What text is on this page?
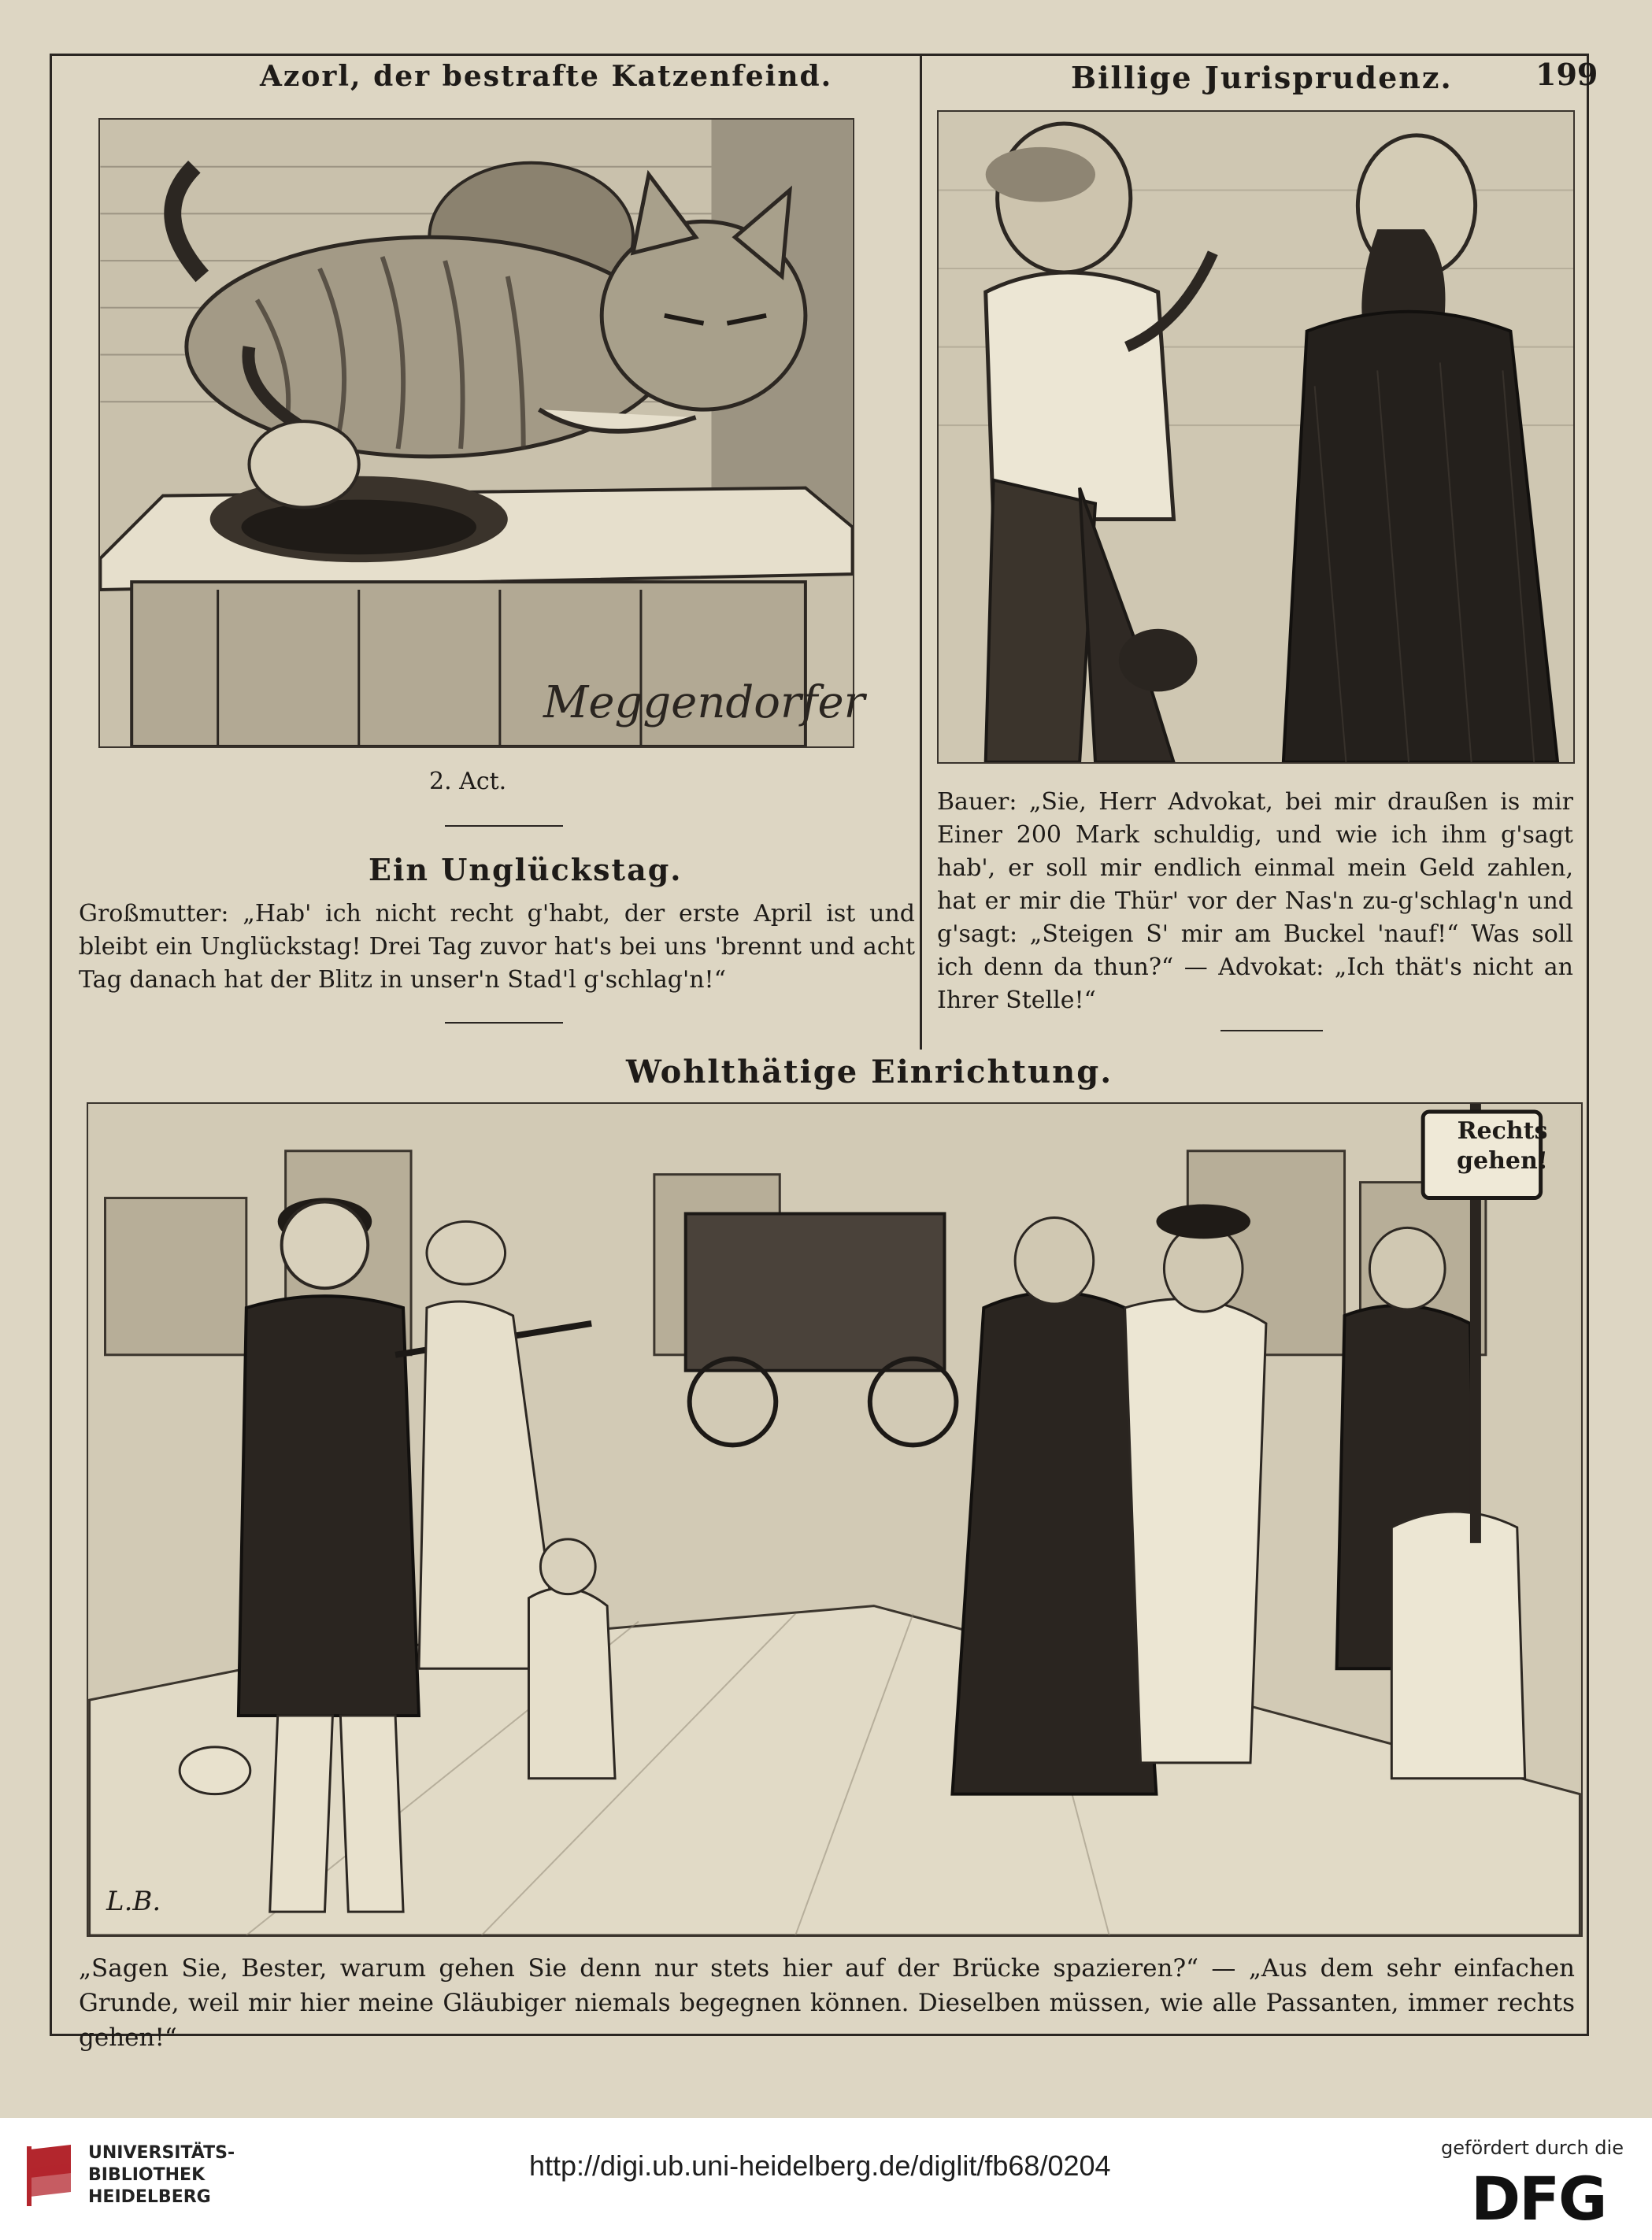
Azorl, der bestrafte Katzenfeind.
Meggendorfer
2. Act.
Ein Unglückstag.
Großmutter: „Hab' ich nicht recht g'habt, der erste April ist und bleibt ein Unglückstag! Drei Tag zuvor hat's bei uns 'brennt und acht Tag danach hat der Blitz in unser'n Stad'l g'schlag'n!“
Billige Jurisprudenz.	199
Bauer: „Sie, Herr Advokat, bei mir draußen is mir Einer 200 Mark schuldig, und wie ich ihm g'sagt hab', er soll mir endlich einmal mein Geld zahlen, hat er mir die Thür' vor der Nas'n zu-g'schlag'n und g'sagt: „Steigen S' mir am Buckel 'nauf!“ Was soll ich denn da thun?“ — Advokat: „Ich thät's nicht an Ihrer Stelle!“
Wohlthätige Einrichtung.
Rechts gehen!
L.B.
„Sagen Sie, Bester, warum gehen Sie denn nur stets hier auf der Brücke spazieren?“ — „Aus dem sehr einfachen Grunde, weil mir hier meine Gläubiger niemals begegnen können. Dieselben müssen, wie alle Passanten, immer rechts gehen!“
UNIVERSITÄTS-
BIBLIOTHEK
HEIDELBERG
http://digi.ub.uni-heidelberg.de/diglit/fb68/0204
gefördert durch die
DFG
